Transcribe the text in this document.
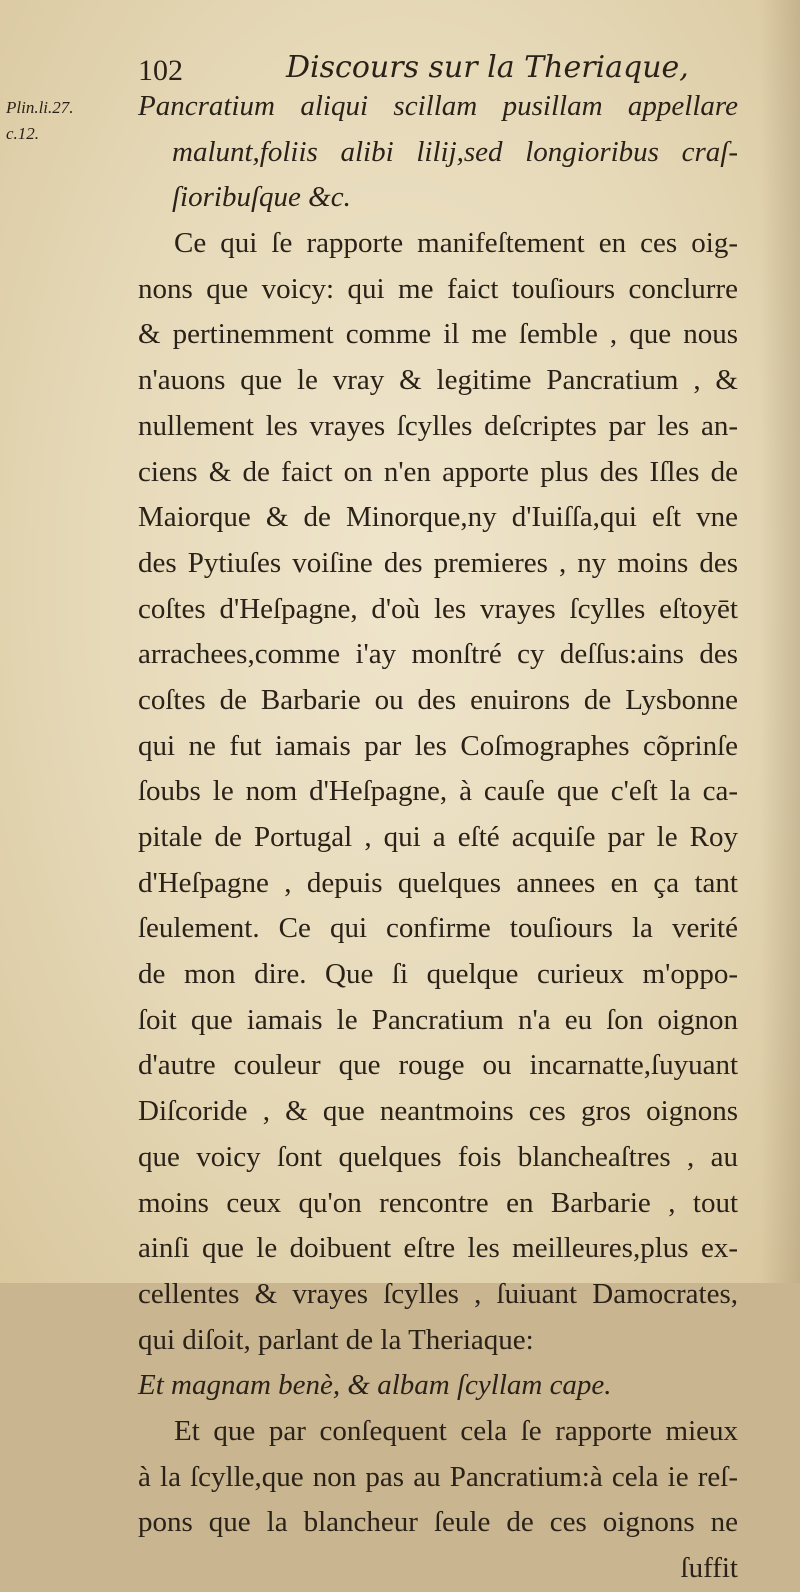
102	Discours sur la Theriaque,
Plin.li.27.
c.12.
Pancratium aliqui scillam pusillam appellare
malunt,foliis alibi lilij,sed longioribus craſ-
ſioribuſque &c.
Ce qui ſe rapporte manifeſtement en ces oig-
nons que voicy: qui me faict touſiours conclurre
& pertinemment comme il me ſemble , que nous
n'auons que le vray & legitime Pancratium , &
nullement les vrayes ſcylles deſcriptes par les an-
ciens & de faict on n'en apporte plus des Iſles de
Maiorque & de Minorque,ny d'Iuiſſa,qui eſt vne
des Pytiuſes voiſine des premieres , ny moins des
coſtes d'Heſpagne, d'où les vrayes ſcylles eſtoyēt
arrachees,comme i'ay monſtré cy deſſus:ains des
coſtes de Barbarie ou des enuirons de Lysbonne
qui ne fut iamais par les Coſmographes cõprinſe
ſoubs le nom d'Heſpagne, à cauſe que c'eſt la ca-
pitale de Portugal , qui a eſté acquiſe par le Roy
d'Heſpagne , depuis quelques annees en ça tant
ſeulement. Ce qui confirme touſiours la verité
de mon dire. Que ſi quelque curieux m'oppo-
ſoit que iamais le Pancratium n'a eu ſon oignon
d'autre couleur que rouge ou incarnatte,ſuyuant
Diſcoride , & que neantmoins ces gros oignons
que voicy ſont quelques fois blancheaſtres , au
moins ceux qu'on rencontre en Barbarie , tout
ainſi que le doibuent eſtre les meilleures,plus ex-
cellentes & vrayes ſcylles , ſuiuant Damocrates,
qui diſoit, parlant de la Theriaque:
Et magnam benè, & albam ſcyllam cape.
Et que par conſequent cela ſe rapporte mieux
à la ſcylle,que non pas au Pancratium:à cela ie reſ-
pons que la blancheur ſeule de ces oignons ne
ſuffit
